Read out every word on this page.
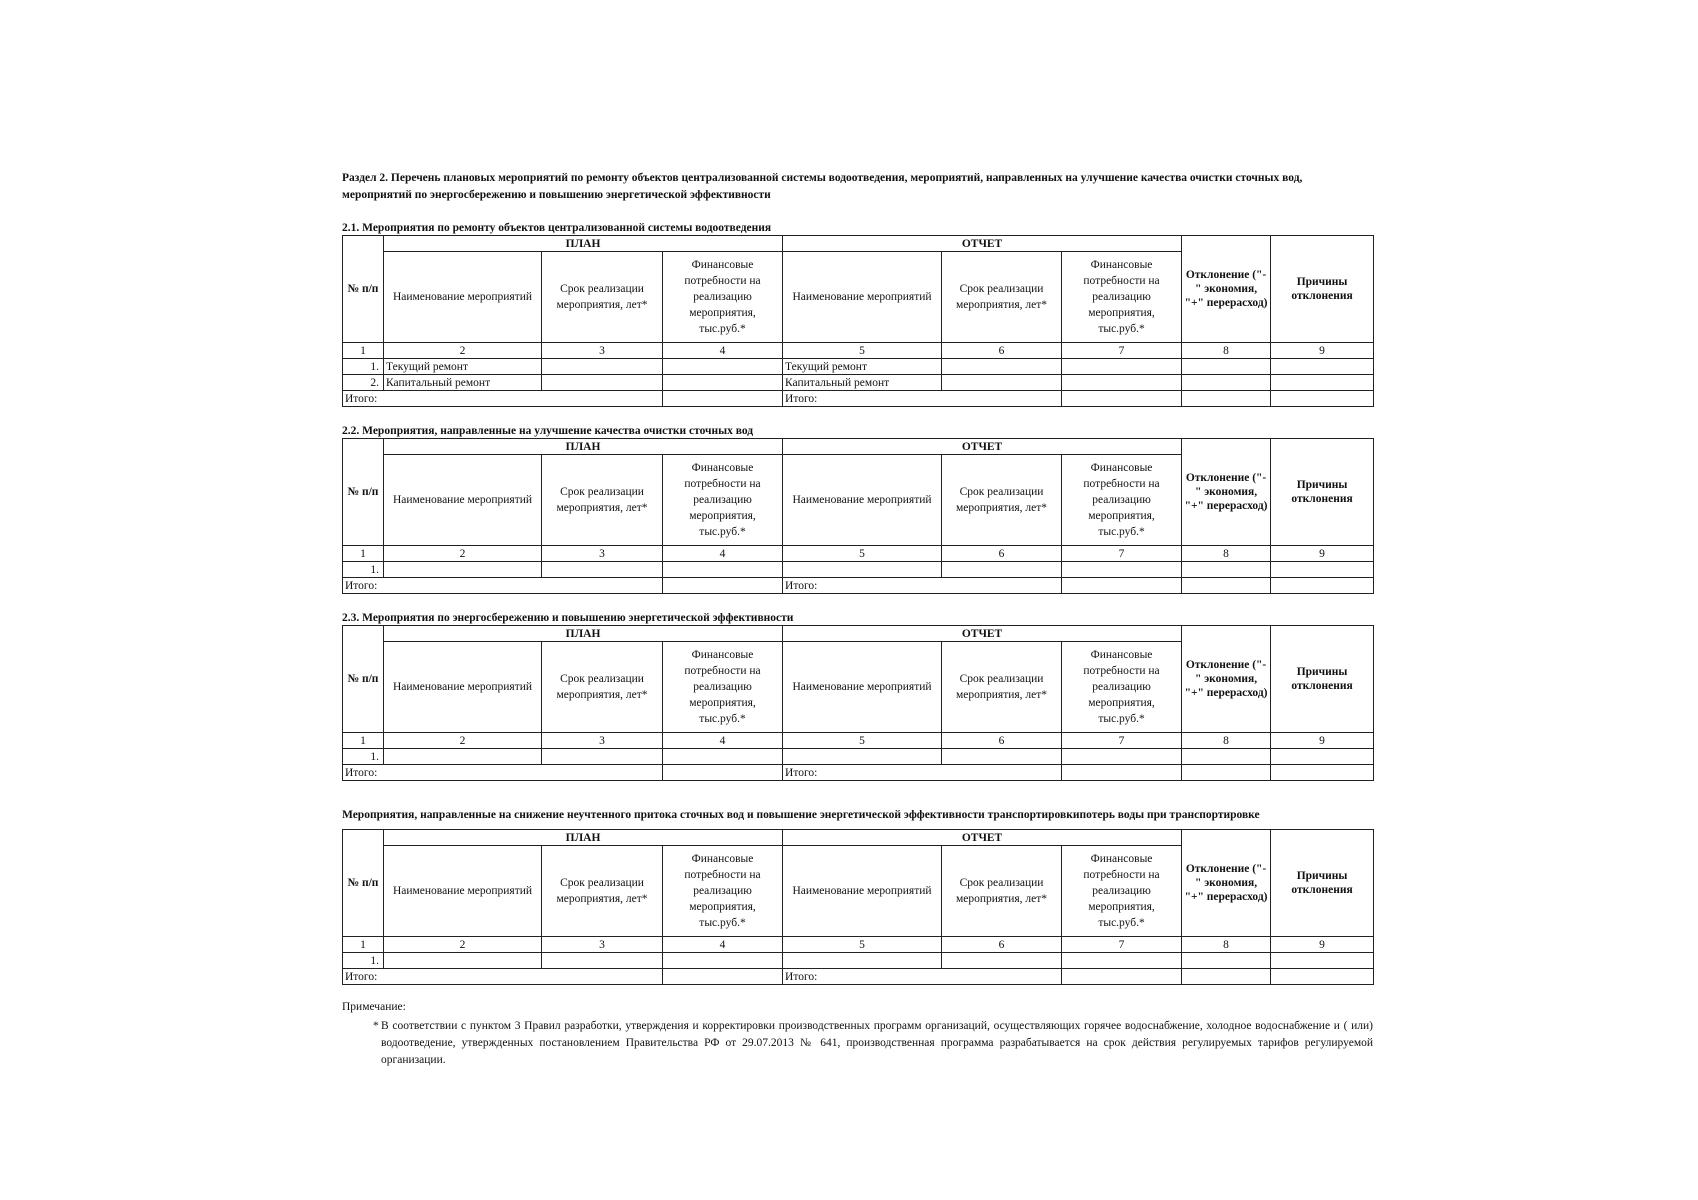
Раздел 2. Перечень плановых мероприятий по ремонту объектов централизованной системы водоотведения, мероприятий, направленных на улучшение качества очистки сточных вод, мероприятий по энергосбережению и повышению энергетической эффективности

2.1. Мероприятия по ремонту объектов централизованной системы водоотведения

№ п/п	ПЛАН			ОТЧЕТ			Отклонение ("- " экономия, "+" перерасход)	Причины отклонения
	Наименование мероприятий	Срок реализации мероприятия, лет*	Финансовые потребности на реализацию мероприятия, тыс.руб.*	Наименование мероприятий	Срок реализации мероприятия, лет*	Финансовые потребности на реализацию мероприятия, тыс.руб.*		
1	2	3	4	5	6	7	8	9
1.	Текущий ремонт			Текущий ремонт				
2.	Капитальный ремонт			Капитальный ремонт				
Итого:				Итого:				

2.2. Мероприятия, направленные на улучшение качества очистки сточных вод

№ п/п	ПЛАН			ОТЧЕТ			Отклонение ("- " экономия, "+" перерасход)	Причины отклонения
	Наименование мероприятий	Срок реализации мероприятия, лет*	Финансовые потребности на реализацию мероприятия, тыс.руб.*	Наименование мероприятий	Срок реализации мероприятия, лет*	Финансовые потребности на реализацию мероприятия, тыс.руб.*		
1	2	3	4	5	6	7	8	9
1.								
Итого:				Итого:				

2.3. Мероприятия по энергосбережению и повышению энергетической эффективности

№ п/п	ПЛАН			ОТЧЕТ			Отклонение ("- " экономия, "+" перерасход)	Причины отклонения
	Наименование мероприятий	Срок реализации мероприятия, лет*	Финансовые потребности на реализацию мероприятия, тыс.руб.*	Наименование мероприятий	Срок реализации мероприятия, лет*	Финансовые потребности на реализацию мероприятия, тыс.руб.*		
1	2	3	4	5	6	7	8	9
1.								
Итого:				Итого:				

Мероприятия, направленные на снижение неучтенного притока сточных вод и повышение энергетической эффективности транспортировкипотерь воды при транспортировке

№ п/п	ПЛАН			ОТЧЕТ			Отклонение ("- " экономия, "+" перерасход)	Причины отклонения
	Наименование мероприятий	Срок реализации мероприятия, лет*	Финансовые потребности на реализацию мероприятия, тыс.руб.*	Наименование мероприятий	Срок реализации мероприятия, лет*	Финансовые потребности на реализацию мероприятия, тыс.руб.*		
1	2	3	4	5	6	7	8	9
1.								
Итого:				Итого:				

Примечание:

* В соответствии с пунктом 3 Правил разработки, утверждения и корректировки производственных программ организаций, осуществляющих горячее водоснабжение, холодное водоснабжение и ( или) водоотведение, утвержденных постановлением Правительства РФ от 29.07.2013 № 641, производственная программа разрабатывается на срок действия регулируемых тарифов регулируемой организации.
